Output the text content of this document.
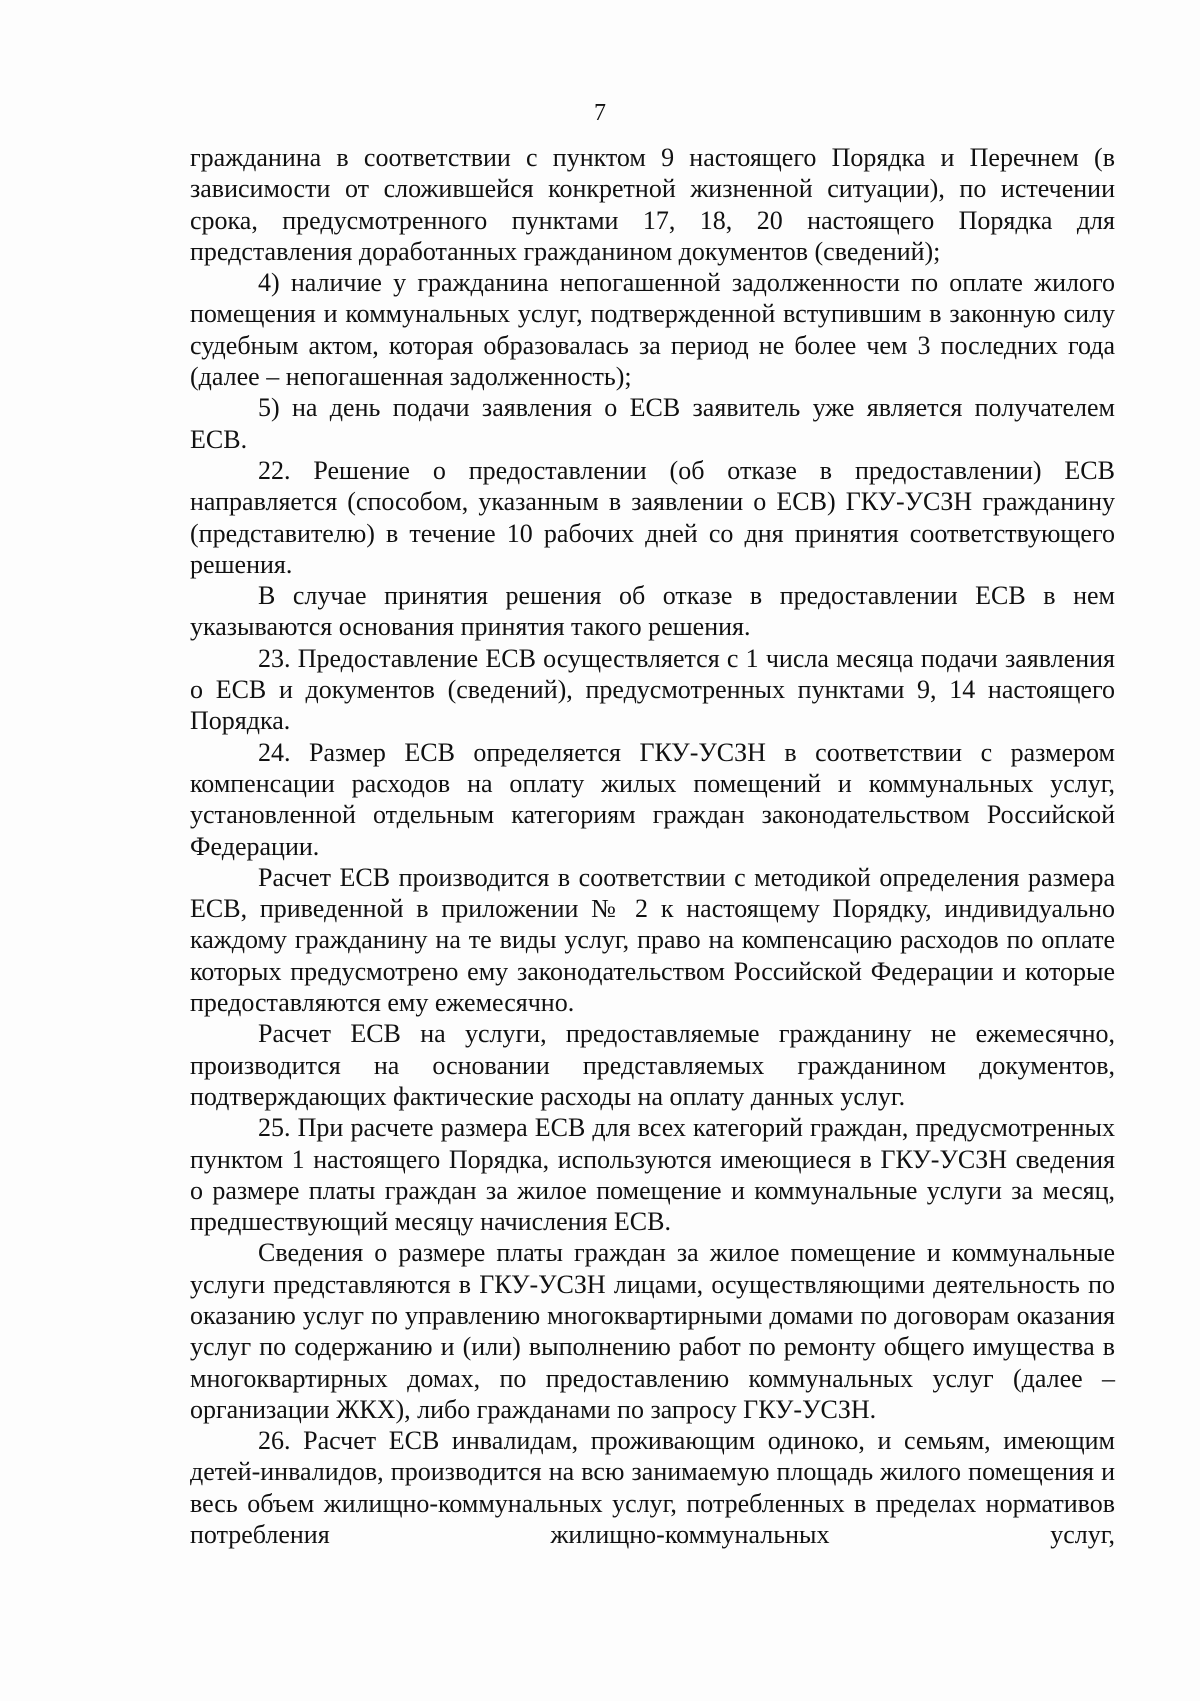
7

гражданина в соответствии с пунктом 9 настоящего Порядка и Перечнем (в зависимости от сложившейся конкретной жизненной ситуации), по истечении срока, предусмотренного пунктами 17, 18, 20 настоящего Порядка для представления доработанных гражданином документов (сведений);

4) наличие у гражданина непогашенной задолженности по оплате жилого помещения и коммунальных услуг, подтвержденной вступившим в законную силу судебным актом, которая образовалась за период не более чем 3 последних года (далее – непогашенная задолженность);

5) на день подачи заявления о ЕСВ заявитель уже является получателем ЕСВ.

22. Решение о предоставлении (об отказе в предоставлении) ЕСВ направляется (способом, указанным в заявлении о ЕСВ) ГКУ-УСЗН гражданину (представителю) в течение 10 рабочих дней со дня принятия соответствующего решения.

В случае принятия решения об отказе в предоставлении ЕСВ в нем указываются основания принятия такого решения.

23. Предоставление ЕСВ осуществляется с 1 числа месяца подачи заявления о ЕСВ и документов (сведений), предусмотренных пунктами 9, 14 настоящего Порядка.

24. Размер ЕСВ определяется ГКУ-УСЗН в соответствии с размером компенсации расходов на оплату жилых помещений и коммунальных услуг, установленной отдельным категориям граждан законодательством Российской Федерации.

Расчет ЕСВ производится в соответствии с методикой определения размера ЕСВ, приведенной в приложении № 2 к настоящему Порядку, индивидуально каждому гражданину на те виды услуг, право на компенсацию расходов по оплате которых предусмотрено ему законодательством Российской Федерации и которые предоставляются ему ежемесячно.

Расчет ЕСВ на услуги, предоставляемые гражданину не ежемесячно, производится на основании представляемых гражданином документов, подтверждающих фактические расходы на оплату данных услуг.

25. При расчете размера ЕСВ для всех категорий граждан, предусмотренных пунктом 1 настоящего Порядка, используются имеющиеся в ГКУ-УСЗН сведения о размере платы граждан за жилое помещение и коммунальные услуги за месяц, предшествующий месяцу начисления ЕСВ.

Сведения о размере платы граждан за жилое помещение и коммунальные услуги представляются в ГКУ-УСЗН лицами, осуществляющими деятельность по оказанию услуг по управлению многоквартирными домами по договорам оказания услуг по содержанию и (или) выполнению работ по ремонту общего имущества в многоквартирных домах, по предоставлению коммунальных услуг (далее – организации ЖКХ), либо гражданами по запросу ГКУ-УСЗН.

26. Расчет ЕСВ инвалидам, проживающим одиноко, и семьям, имеющим детей-инвалидов, производится на всю занимаемую площадь жилого помещения и весь объем жилищно-коммунальных услуг, потребленных в пределах нормативов потребления жилищно-коммунальных услуг,
